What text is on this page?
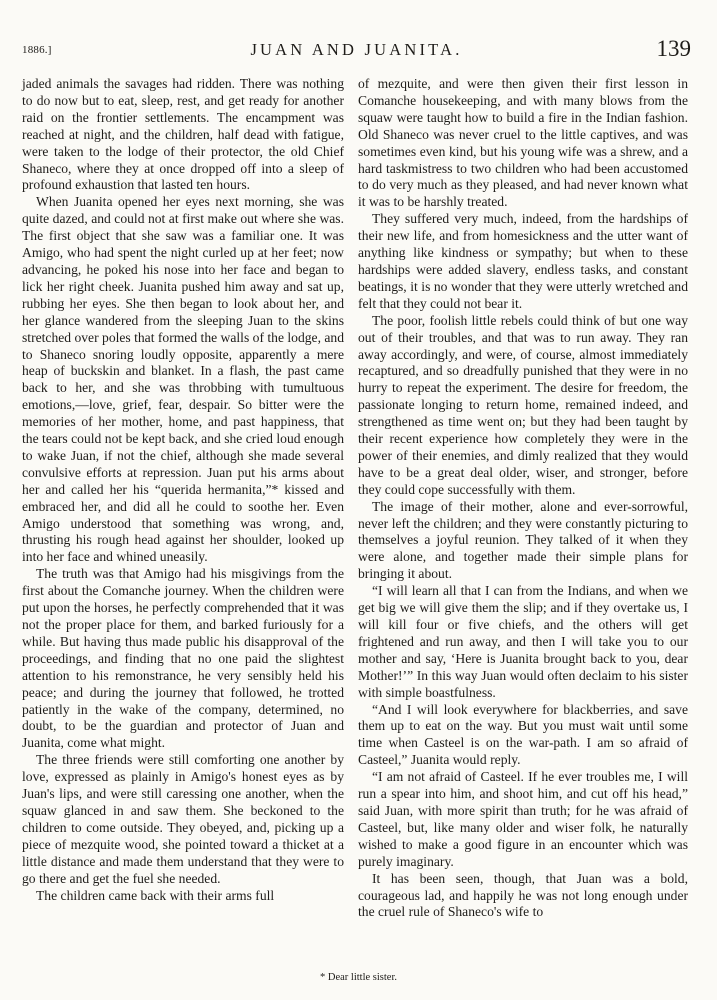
1886.]	JUAN AND JUANITA.	139

jaded animals the savages had ridden. There was nothing to do now but to eat, sleep, rest, and get ready for another raid on the frontier settlements. The encampment was reached at night, and the children, half dead with fatigue, were taken to the lodge of their protector, the old Chief Shaneco, where they at once dropped off into a sleep of profound exhaustion that lasted ten hours.

When Juanita opened her eyes next morning, she was quite dazed, and could not at first make out where she was. The first object that she saw was a familiar one. It was Amigo, who had spent the night curled up at her feet; now advancing, he poked his nose into her face and began to lick her right cheek. Juanita pushed him away and sat up, rubbing her eyes. She then began to look about her, and her glance wandered from the sleeping Juan to the skins stretched over poles that formed the walls of the lodge, and to Shaneco snoring loudly opposite, apparently a mere heap of buckskin and blanket. In a flash, the past came back to her, and she was throbbing with tumultuous emotions,—love, grief, fear, despair. So bitter were the memories of her mother, home, and past happiness, that the tears could not be kept back, and she cried loud enough to wake Juan, if not the chief, although she made several convulsive efforts at repression. Juan put his arms about her and called her his “querida hermanita,”* kissed and embraced her, and did all he could to soothe her. Even Amigo understood that something was wrong, and, thrusting his rough head against her shoulder, looked up into her face and whined uneasily.

The truth was that Amigo had his misgivings from the first about the Comanche journey. When the children were put upon the horses, he perfectly comprehended that it was not the proper place for them, and barked furiously for a while. But having thus made public his disapproval of the proceedings, and finding that no one paid the slightest attention to his remonstrance, he very sensibly held his peace; and during the journey that followed, he trotted patiently in the wake of the company, determined, no doubt, to be the guardian and protector of Juan and Juanita, come what might.

The three friends were still comforting one another by love, expressed as plainly in Amigo's honest eyes as by Juan's lips, and were still caressing one another, when the squaw glanced in and saw them. She beckoned to the children to come outside. They obeyed, and, picking up a piece of mezquite wood, she pointed toward a thicket at a little distance and made them understand that they were to go there and get the fuel she needed.

The children came back with their arms full

of mezquite, and were then given their first lesson in Comanche housekeeping, and with many blows from the squaw were taught how to build a fire in the Indian fashion. Old Shaneco was never cruel to the little captives, and was sometimes even kind, but his young wife was a shrew, and a hard taskmistress to two children who had been accustomed to do very much as they pleased, and had never known what it was to be harshly treated.

They suffered very much, indeed, from the hardships of their new life, and from homesickness and the utter want of anything like kindness or sympathy; but when to these hardships were added slavery, endless tasks, and constant beatings, it is no wonder that they were utterly wretched and felt that they could not bear it.

The poor, foolish little rebels could think of but one way out of their troubles, and that was to run away. They ran away accordingly, and were, of course, almost immediately recaptured, and so dreadfully punished that they were in no hurry to repeat the experiment. The desire for freedom, the passionate longing to return home, remained indeed, and strengthened as time went on; but they had been taught by their recent experience how completely they were in the power of their enemies, and dimly realized that they would have to be a great deal older, wiser, and stronger, before they could cope successfully with them.

The image of their mother, alone and ever-sorrowful, never left the children; and they were constantly picturing to themselves a joyful reunion. They talked of it when they were alone, and together made their simple plans for bringing it about.

“I will learn all that I can from the Indians, and when we get big we will give them the slip; and if they overtake us, I will kill four or five chiefs, and the others will get frightened and run away, and then I will take you to our mother and say, ‘Here is Juanita brought back to you, dear Mother!’” In this way Juan would often declaim to his sister with simple boastfulness.

“And I will look everywhere for blackberries, and save them up to eat on the way. But you must wait until some time when Casteel is on the war-path. I am so afraid of Casteel,” Juanita would reply.

“I am not afraid of Casteel. If he ever troubles me, I will run a spear into him, and shoot him, and cut off his head,” said Juan, with more spirit than truth; for he was afraid of Casteel, but, like many older and wiser folk, he naturally wished to make a good figure in an encounter which was purely imaginary.

It has been seen, though, that Juan was a bold, courageous lad, and happily he was not long enough under the cruel rule of Shaneco's wife to

* Dear little sister.
